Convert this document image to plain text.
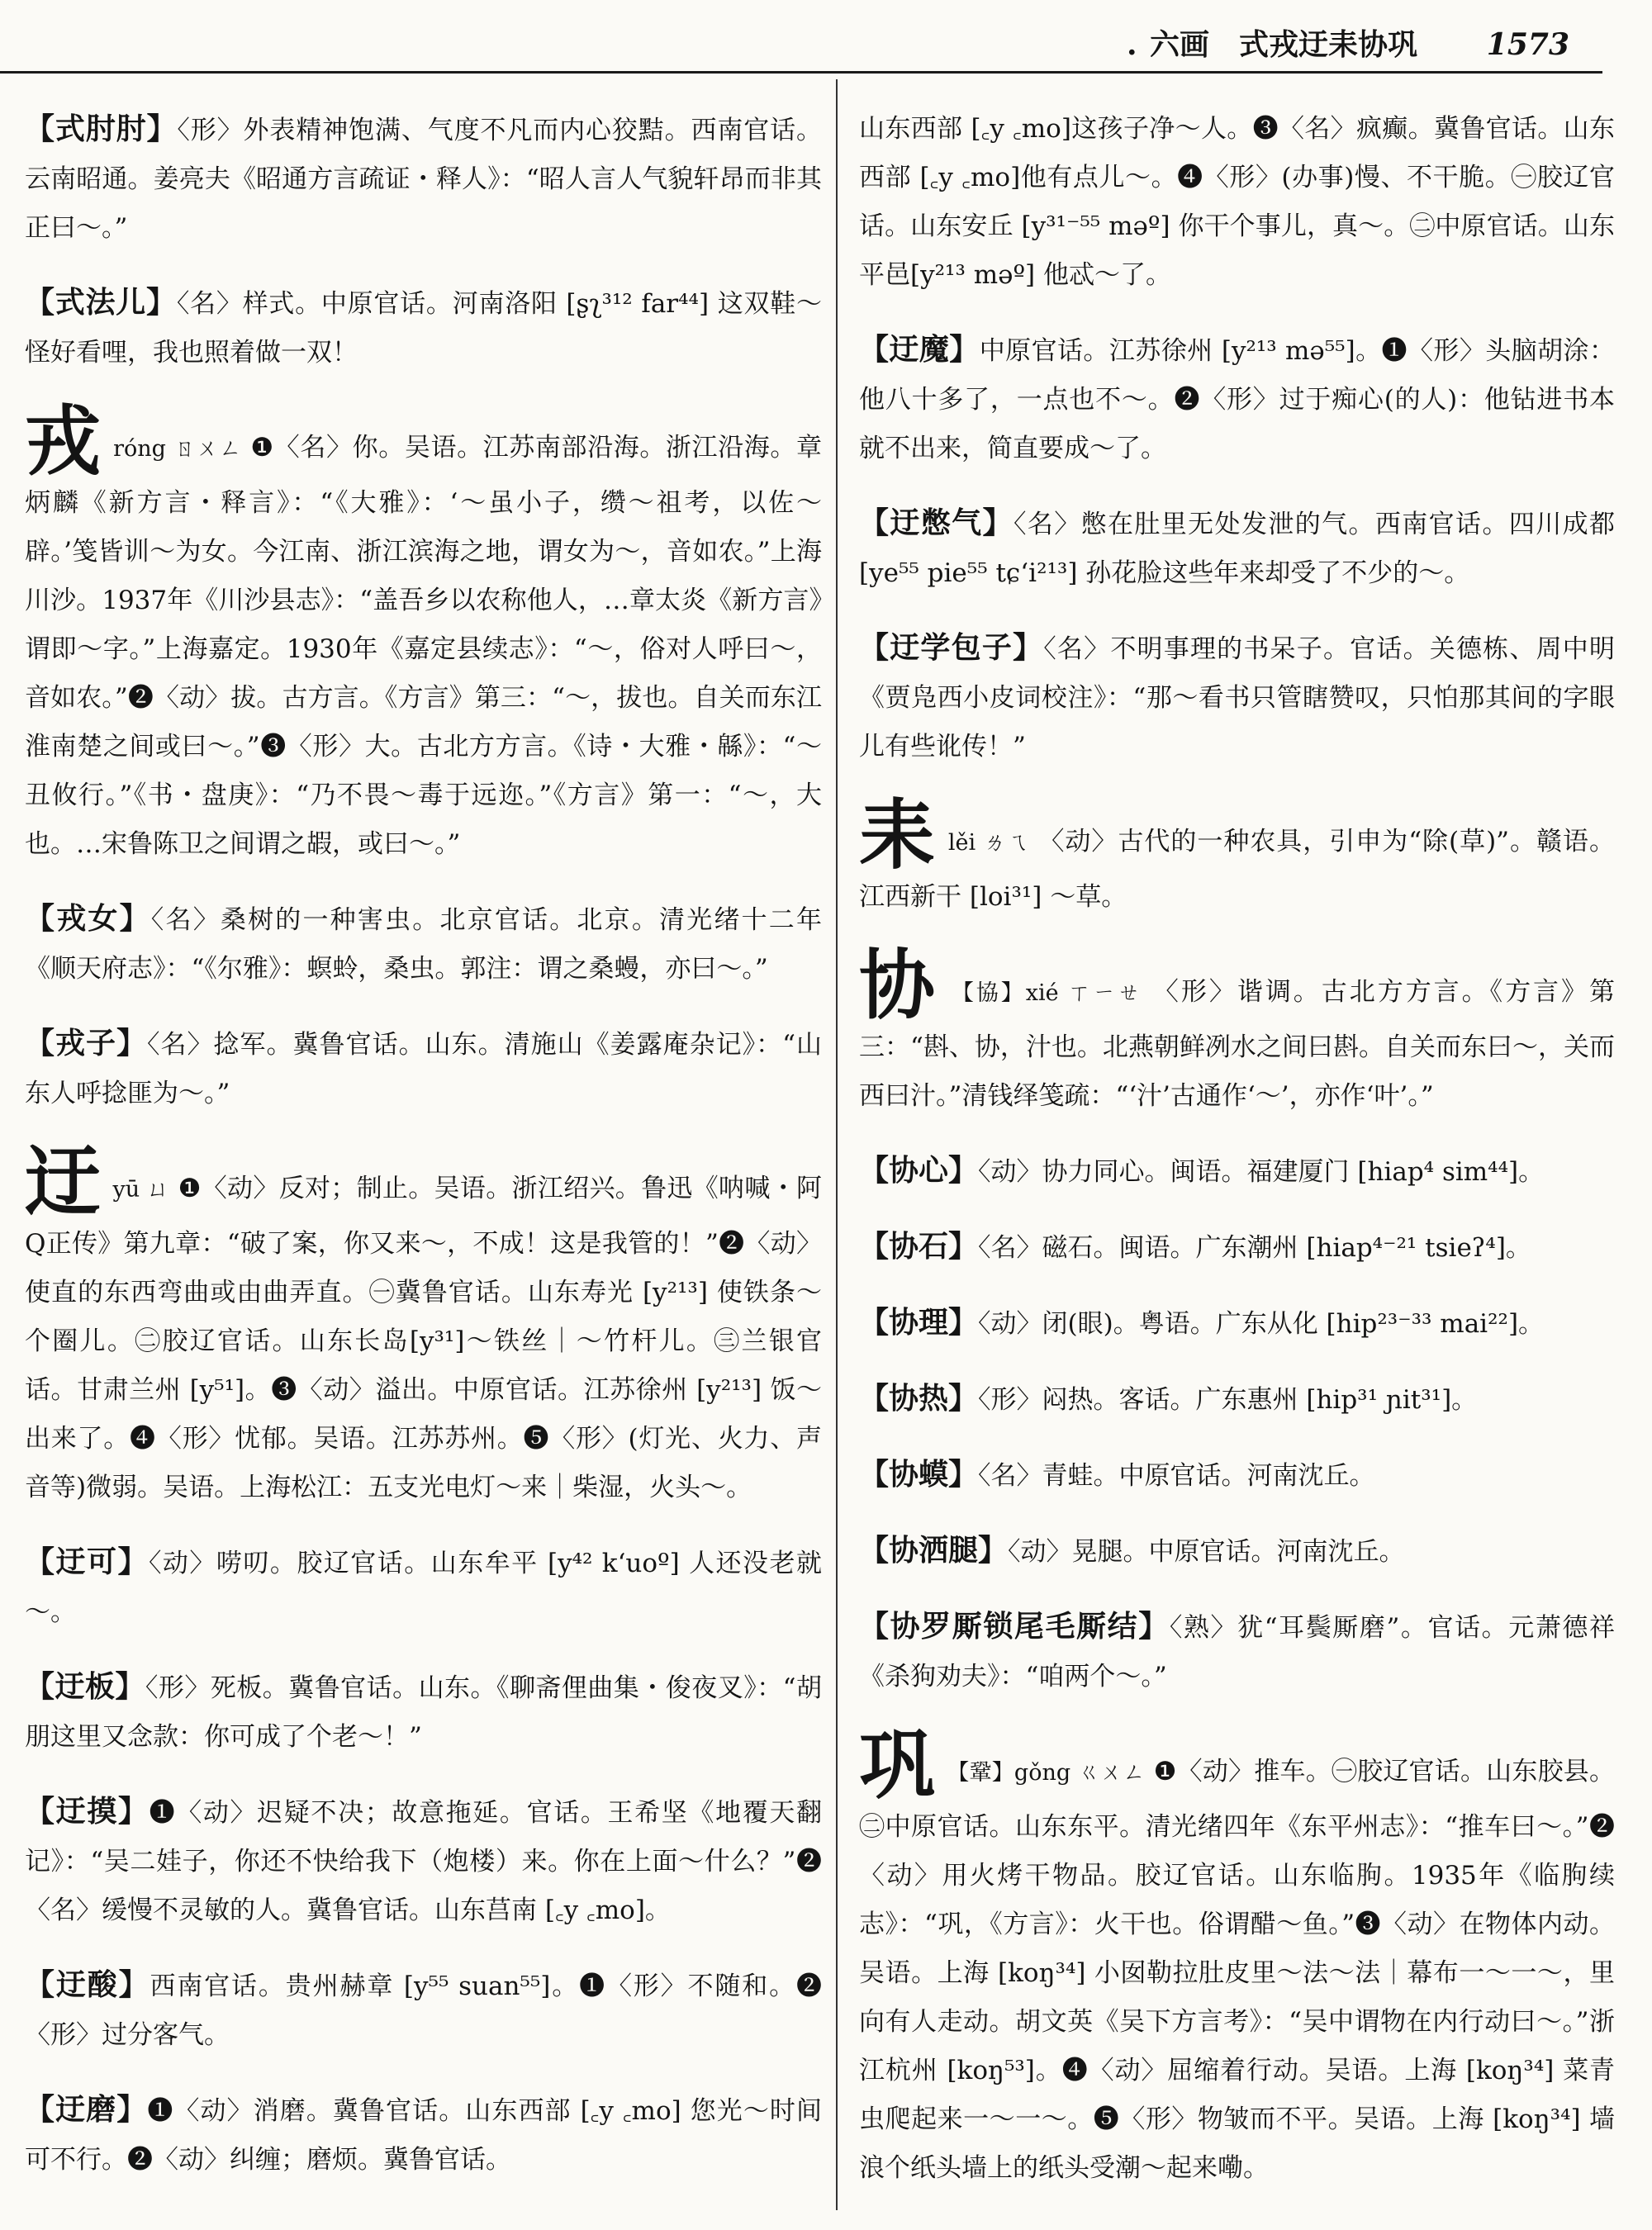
. 六画　式戎迂耒协巩 1573

【式肘肘】〈形〉外表精神饱满、气度不凡而内心狡黠。西南官话。云南昭通。姜亮夫《昭通方言疏证・释人》：“昭人言人气貌轩昂而非其正曰～。”

【式法儿】〈名〉样式。中原官话。河南洛阳 [ʂʅ³¹² far⁴⁴] 这双鞋～怪好看哩，我也照着做一双！

戎 róng ㄖㄨㄥ ❶〈名〉你。吴语。江苏南部沿海。浙江沿海。章炳麟《新方言・释言》：“《大雅》：‘～虽小子，缵～祖考，以佐～辟。’笺皆训～为女。今江南、浙江滨海之地，谓女为～，音如农。”上海川沙。1937年《川沙县志》：“盖吾乡以农称他人，…章太炎《新方言》谓即～字。”上海嘉定。1930年《嘉定县续志》：“～，俗对人呼曰～，音如农。”❷〈动〉拔。古方言。《方言》第三：“～，拔也。自关而东江淮南楚之间或曰～。”❸〈形〉大。古北方方言。《诗・大雅・緜》：“～丑攸行。”《书・盘庚》：“乃不畏～毒于远迩。”《方言》第一：“～，大也。…宋鲁陈卫之间谓之嘏，或曰～。”

【戎女】〈名〉桑树的一种害虫。北京官话。北京。清光绪十二年《顺天府志》：“《尔雅》：螟蛉，桑虫。郭注：谓之桑蟃，亦曰～。”

【戎子】〈名〉捻军。冀鲁官话。山东。清施山《姜露庵杂记》：“山东人呼捻匪为～。”

迂 yū ㄩ ❶〈动〉反对；制止。吴语。浙江绍兴。鲁迅《呐喊・阿Q正传》第九章：“破了案，你又来～，不成！这是我管的！”❷〈动〉使直的东西弯曲或由曲弄直。㊀冀鲁官话。山东寿光 [y²¹³] 使铁条～个圈儿。㊁胶辽官话。山东长岛[y³¹]～铁丝｜～竹杆儿。㊂兰银官话。甘肃兰州 [y⁵¹]。❸〈动〉溢出。中原官话。江苏徐州 [y²¹³] 饭～出来了。❹〈形〉忧郁。吴语。江苏苏州。❺〈形〉(灯光、火力、声音等)微弱。吴语。上海松江：五支光电灯～来｜柴湿，火头～。

【迂可】〈动〉唠叨。胶辽官话。山东牟平 [y⁴² kʻuoº] 人还没老就～。

【迂板】〈形〉死板。冀鲁官话。山东。《聊斋俚曲集・俊夜叉》：“胡朋这里又念款：你可成了个老～！”

【迂摸】❶〈动〉迟疑不决；故意拖延。官话。王希坚《地覆天翻记》：“吴二娃子，你还不快给我下（炮楼）来。你在上面～什么？”❷〈名〉缓慢不灵敏的人。冀鲁官话。山东莒南 [꜀y ꜀mo]。

【迂酸】西南官话。贵州赫章 [y⁵⁵ suan⁵⁵]。❶〈形〉不随和。❷〈形〉过分客气。

【迂磨】❶〈动〉消磨。冀鲁官话。山东西部 [꜀y ꜀mo] 您光～时间可不行。❷〈动〉纠缠；磨烦。冀鲁官话。

山东西部 [꜀y ꜀mo]这孩子净～人。❸〈名〉疯癫。冀鲁官话。山东西部 [꜀y ꜀mo]他有点儿～。❹〈形〉(办事)慢、不干脆。㊀胶辽官话。山东安丘 [y³¹⁻⁵⁵ məº] 你干个事儿，真～。㊁中原官话。山东平邑[y²¹³ məº] 他忒～了。

【迂魔】中原官话。江苏徐州 [y²¹³ mə⁵⁵]。❶〈形〉头脑胡涂：他八十多了，一点也不～。❷〈形〉过于痴心(的人)：他钻进书本就不出来，简直要成～了。

【迂憋气】〈名〉憋在肚里无处发泄的气。西南官话。四川成都 [ye⁵⁵ pie⁵⁵ tɕʻi²¹³] 孙花脸这些年来却受了不少的～。

【迂学包子】〈名〉不明事理的书呆子。官话。关德栋、周中明《贾凫西小皮词校注》：“那～看书只管瞎赞叹，只怕那其间的字眼儿有些讹传！”

耒 lěi ㄌㄟ 〈动〉古代的一种农具，引申为“除(草)”。赣语。江西新干 [loi³¹] ～草。

协 【協】xié ㄒㄧㄝ 〈形〉谐调。古北方方言。《方言》第三：“斟、协，汁也。北燕朝鲜冽水之间曰斟。自关而东曰～，关而西曰汁。”清钱绎笺疏：“‘汁’古通作‘～’，亦作‘叶’。”

【协心】〈动〉协力同心。闽语。福建厦门 [hiap⁴ sim⁴⁴]。

【协石】〈名〉磁石。闽语。广东潮州 [hiap⁴⁻²¹ tsieʔ⁴]。

【协理】〈动〉闭(眼)。粤语。广东从化 [hip²³⁻³³ mai²²]。

【协热】〈形〉闷热。客话。广东惠州 [hip³¹ ɲit³¹]。

【协蟆】〈名〉青蛙。中原官话。河南沈丘。

【协洒腿】〈动〉晃腿。中原官话。河南沈丘。

【协罗厮锁尾毛厮结】〈熟〉犹“耳鬓厮磨”。官话。元萧德祥《杀狗劝夫》：“咱两个～。”

巩 【鞏】gǒng ㄍㄨㄥ ❶〈动〉推车。㊀胶辽官话。山东胶县。㊁中原官话。山东东平。清光绪四年《东平州志》：“推车曰～。”❷〈动〉用火烤干物品。胶辽官话。山东临朐。1935年《临朐续志》：“巩，《方言》：火干也。俗谓醋～鱼。”❸〈动〉在物体内动。吴语。上海 [koŋ³⁴] 小囡勒拉肚皮里～法～法｜幕布一～一～，里向有人走动。胡文英《吴下方言考》：“吴中谓物在内行动曰～。”浙江杭州 [koŋ⁵³]。❹〈动〉屈缩着行动。吴语。上海 [koŋ³⁴] 菜青虫爬起来一～一～。❺〈形〉物皱而不平。吴语。上海 [koŋ³⁴] 墙浪个纸头墙上的纸头受潮～起来嘞。
